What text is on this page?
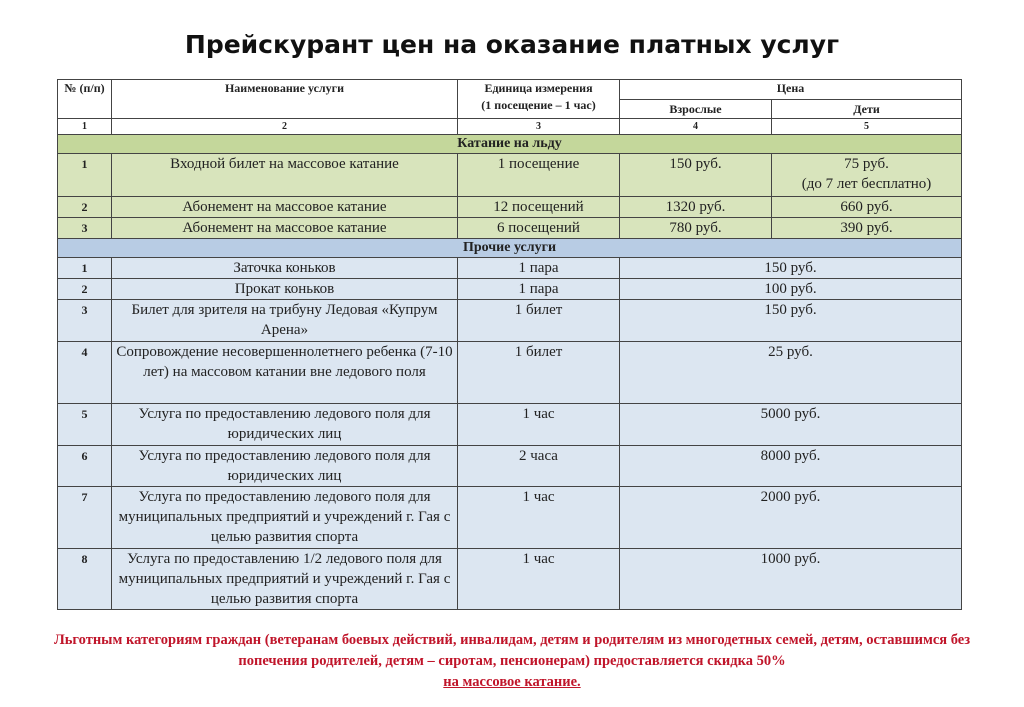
Прейскурант цен на оказание платных услуг
№ (п/п)	Наименование услуги	Единица измерения
(1 посещение – 1 час)	Цена	
			Взрослые	Дети
1	2	3	4	5
Катание на льду				
1	Входной билет на массовое катание	1 посещение	150 руб.	75 руб.
(до 7 лет бесплатно)

2	Абонемент на массовое катание	12 посещений	1320 руб.	660 руб.

3	Абонемент на массовое катание	6 посещений	780 руб.	390 руб.

Прочие услуги				
1	Заточка коньков	1 пара	150 руб.	
2	Прокат коньков	1 пара	100 руб.	
3	Билет для зрителя на трибуну Ледовая «Купрум Арена»	1 билет	150 руб.	
4	Сопровождение несовершеннолетнего ребенка (7-10 лет) на массовом катании вне ледового поля	1 билет	25 руб.	
5	Услуга по предоставлению ледового поля для юридических лиц	1 час	5000 руб.	
6	Услуга по предоставлению ледового поля для юридических лиц	2 часа	8000 руб.	
7	Услуга по предоставлению ледового поля для муниципальных предприятий и учреждений г. Гая с целью развития спорта	1 час	2000 руб.	
8	Услуга по предоставлению 1/2 ледового поля для муниципальных предприятий и учреждений г. Гая с целью развития спорта	1 час	1000 руб.	
Льготным категориям граждан (ветеранам боевых действий, инвалидам, детям и родителям из многодетных семей, детям, оставшимся без попечения родителей, детям – сиротам, пенсионерам) предоставляется скидка 50%
на массовое катание.
